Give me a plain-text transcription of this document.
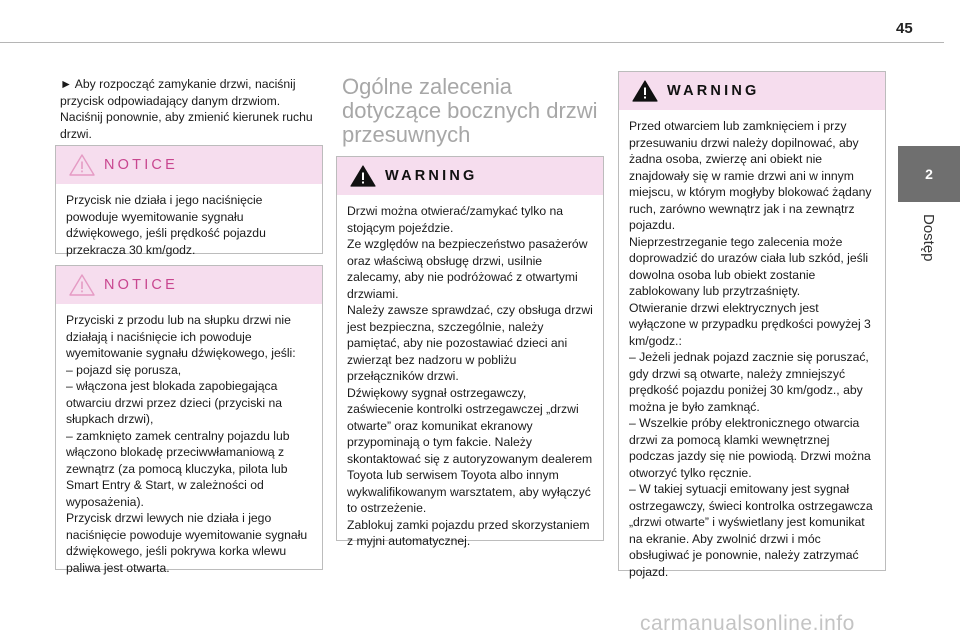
45
2
Dostęp

► Aby rozpocząć zamykanie drzwi, naciśnij przycisk odpowiadający danym drzwiom.
Naciśnij ponownie, aby zmienić kierunek ruchu drzwi.

NOTICE

Przycisk nie działa i jego naciśnięcie powoduje wyemitowanie sygnału dźwiękowego, jeśli prędkość pojazdu przekracza 30 km/godz.

NOTICE

Przyciski z przodu lub na słupku drzwi nie działają i naciśnięcie ich powoduje wyemitowanie sygnału dźwiękowego, jeśli:
– pojazd się porusza,
– włączona jest blokada zapobiegająca otwarciu drzwi przez dzieci (przyciski na słupkach drzwi),
– zamknięto zamek centralny pojazdu lub włączono blokadę przeciwwłamaniową z zewnątrz (za pomocą kluczyka, pilota lub Smart Entry & Start, w zależności od wyposażenia).
Przycisk drzwi lewych nie działa i jego naciśnięcie powoduje wyemitowanie sygnału dźwiękowego, jeśli pokrywa korka wlewu paliwa jest otwarta.

Ogólne zalecenia dotyczące bocznych drzwi przesuwnych
WARNING

Drzwi można otwierać/zamykać tylko na stojącym pojeździe.
Ze względów na bezpieczeństwo pasażerów oraz właściwą obsługę drzwi, usilnie zalecamy, aby nie podróżować z otwartymi drzwiami.
Należy zawsze sprawdzać, czy obsługa drzwi jest bezpieczna, szczególnie, należy pamiętać, aby nie pozostawiać dzieci ani zwierząt bez nadzoru w pobliżu przełączników drzwi.
Dźwiękowy sygnał ostrzegawczy, zaświecenie kontrolki ostrzegawczej „drzwi otwarte” oraz komunikat ekranowy przypominają o tym fakcie. Należy skontaktować się z autoryzowanym dealerem Toyota lub serwisem Toyota albo innym wykwalifikowanym warsztatem, aby wyłączyć to ostrzeżenie.
Zablokuj zamki pojazdu przed skorzystaniem z myjni automatycznej.

WARNING

Przed otwarciem lub zamknięciem i przy przesuwaniu drzwi należy dopilnować, aby żadna osoba, zwierzę ani obiekt nie znajdowały się w ramie drzwi ani w innym miejscu, w którym mogłyby blokować żądany ruch, zarówno wewnątrz jak i na zewnątrz pojazdu.
Nieprzestrzeganie tego zalecenia może doprowadzić do urazów ciała lub szkód, jeśli dowolna osoba lub obiekt zostanie zablokowany lub przytrzaśnięty.
Otwieranie drzwi elektrycznych jest wyłączone w przypadku prędkości powyżej 3 km/godz.:
– Jeżeli jednak pojazd zacznie się poruszać, gdy drzwi są otwarte, należy zmniejszyć prędkość pojazdu poniżej 30 km/godz., aby można je było zamknąć.
– Wszelkie próby elektronicznego otwarcia drzwi za pomocą klamki wewnętrznej podczas jazdy się nie powiodą. Drzwi można otworzyć tylko ręcznie.
– W takiej sytuacji emitowany jest sygnał ostrzegawczy, świeci kontrolka ostrzegawcza „drzwi otwarte” i wyświetlany jest komunikat na ekranie. Aby zwolnić drzwi i móc obsługiwać je ponownie, należy zatrzymać pojazd.

carmanualsonline.info
